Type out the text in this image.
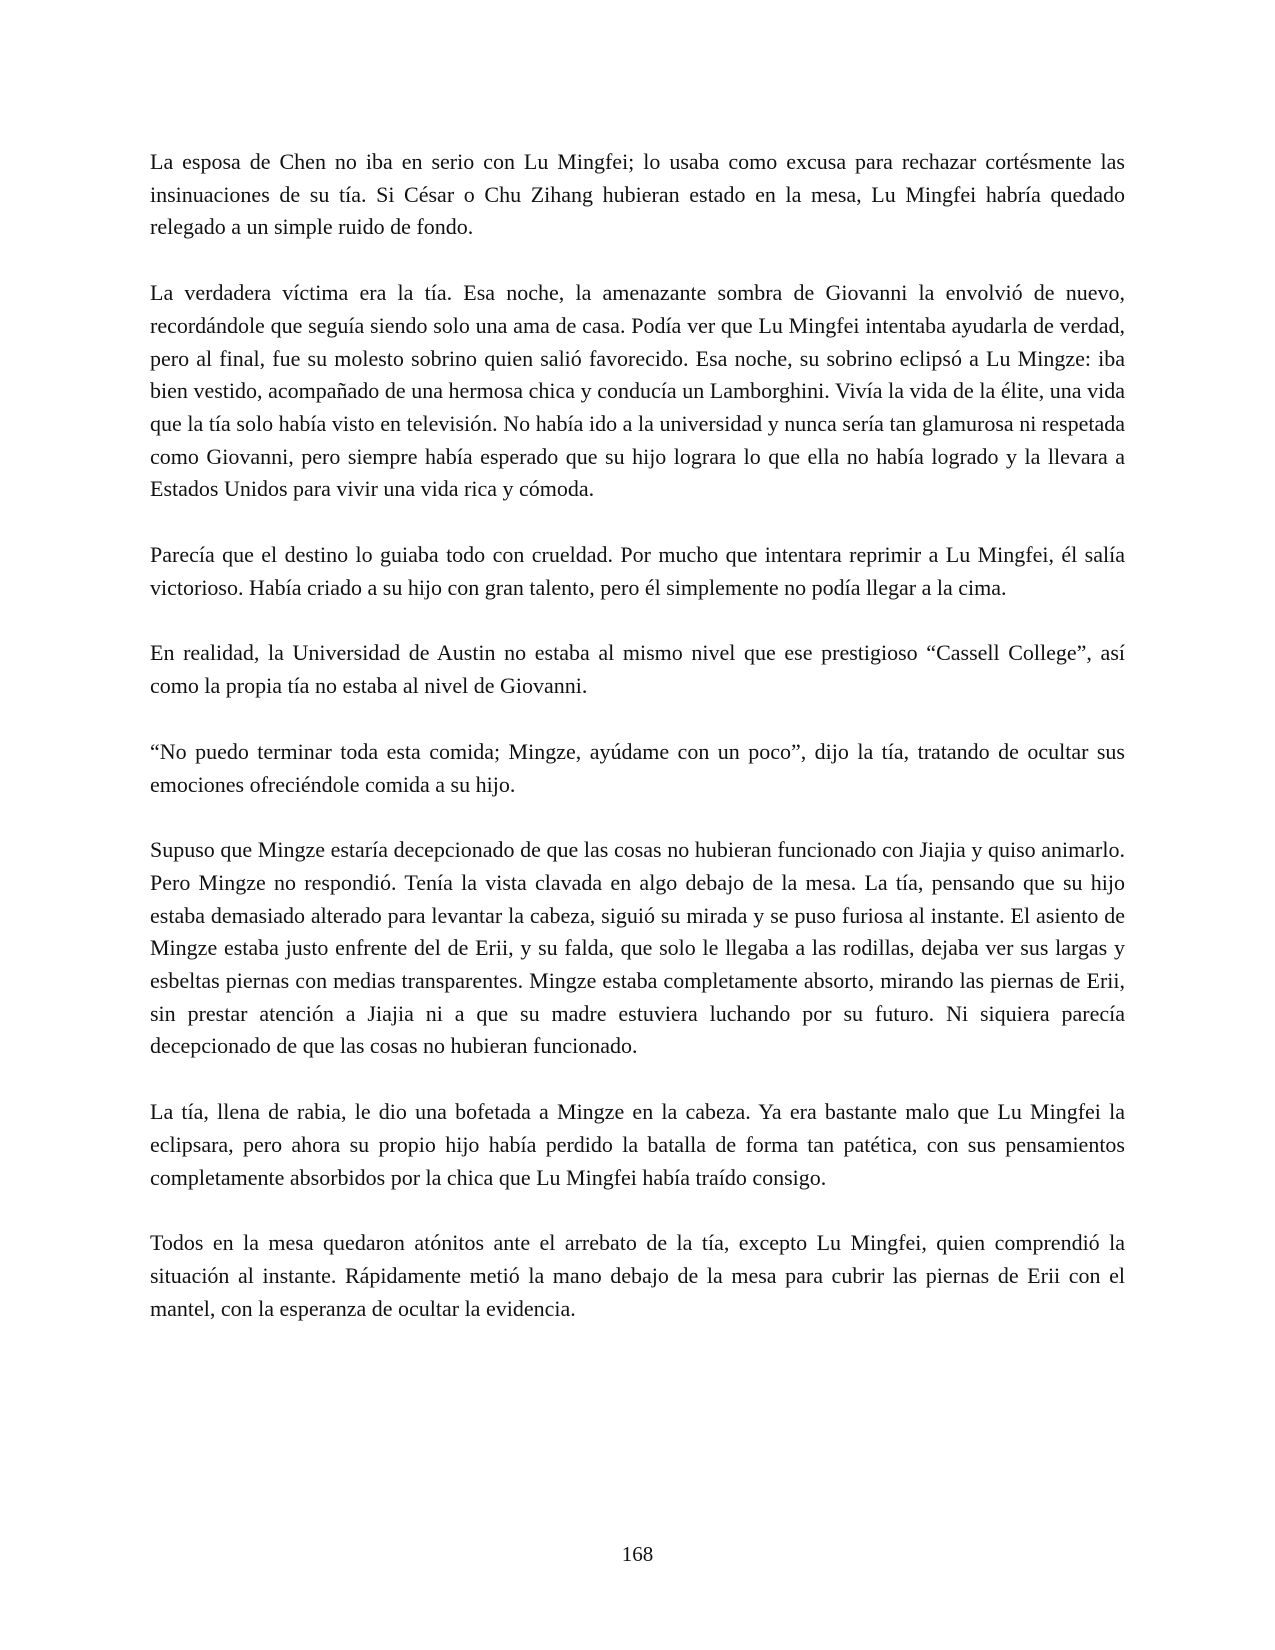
La esposa de Chen no iba en serio con Lu Mingfei; lo usaba como excusa para rechazar cortésmente las insinuaciones de su tía. Si César o Chu Zihang hubieran estado en la mesa, Lu Mingfei habría quedado relegado a un simple ruido de fondo.

La verdadera víctima era la tía. Esa noche, la amenazante sombra de Giovanni la envolvió de nuevo, recordándole que seguía siendo solo una ama de casa. Podía ver que Lu Mingfei intentaba ayudarla de verdad, pero al final, fue su molesto sobrino quien salió favorecido. Esa noche, su sobrino eclipsó a Lu Mingze: iba bien vestido, acompañado de una hermosa chica y conducía un Lamborghini. Vivía la vida de la élite, una vida que la tía solo había visto en televisión. No había ido a la universidad y nunca sería tan glamurosa ni respetada como Giovanni, pero siempre había esperado que su hijo lograra lo que ella no había logrado y la llevara a Estados Unidos para vivir una vida rica y cómoda.

Parecía que el destino lo guiaba todo con crueldad. Por mucho que intentara reprimir a Lu Mingfei, él salía victorioso. Había criado a su hijo con gran talento, pero él simplemente no podía llegar a la cima.

En realidad, la Universidad de Austin no estaba al mismo nivel que ese prestigioso “Cassell College”, así como la propia tía no estaba al nivel de Giovanni.

“No puedo terminar toda esta comida; Mingze, ayúdame con un poco”, dijo la tía, tratando de ocultar sus emociones ofreciéndole comida a su hijo.

Supuso que Mingze estaría decepcionado de que las cosas no hubieran funcionado con Jiajia y quiso animarlo. Pero Mingze no respondió. Tenía la vista clavada en algo debajo de la mesa. La tía, pensando que su hijo estaba demasiado alterado para levantar la cabeza, siguió su mirada y se puso furiosa al instante. El asiento de Mingze estaba justo enfrente del de Erii, y su falda, que solo le llegaba a las rodillas, dejaba ver sus largas y esbeltas piernas con medias transparentes. Mingze estaba completamente absorto, mirando las piernas de Erii, sin prestar atención a Jiajia ni a que su madre estuviera luchando por su futuro. Ni siquiera parecía decepcionado de que las cosas no hubieran funcionado.

La tía, llena de rabia, le dio una bofetada a Mingze en la cabeza. Ya era bastante malo que Lu Mingfei la eclipsara, pero ahora su propio hijo había perdido la batalla de forma tan patética, con sus pensamientos completamente absorbidos por la chica que Lu Mingfei había traído consigo.

Todos en la mesa quedaron atónitos ante el arrebato de la tía, excepto Lu Mingfei, quien comprendió la situación al instante. Rápidamente metió la mano debajo de la mesa para cubrir las piernas de Erii con el mantel, con la esperanza de ocultar la evidencia.

168
